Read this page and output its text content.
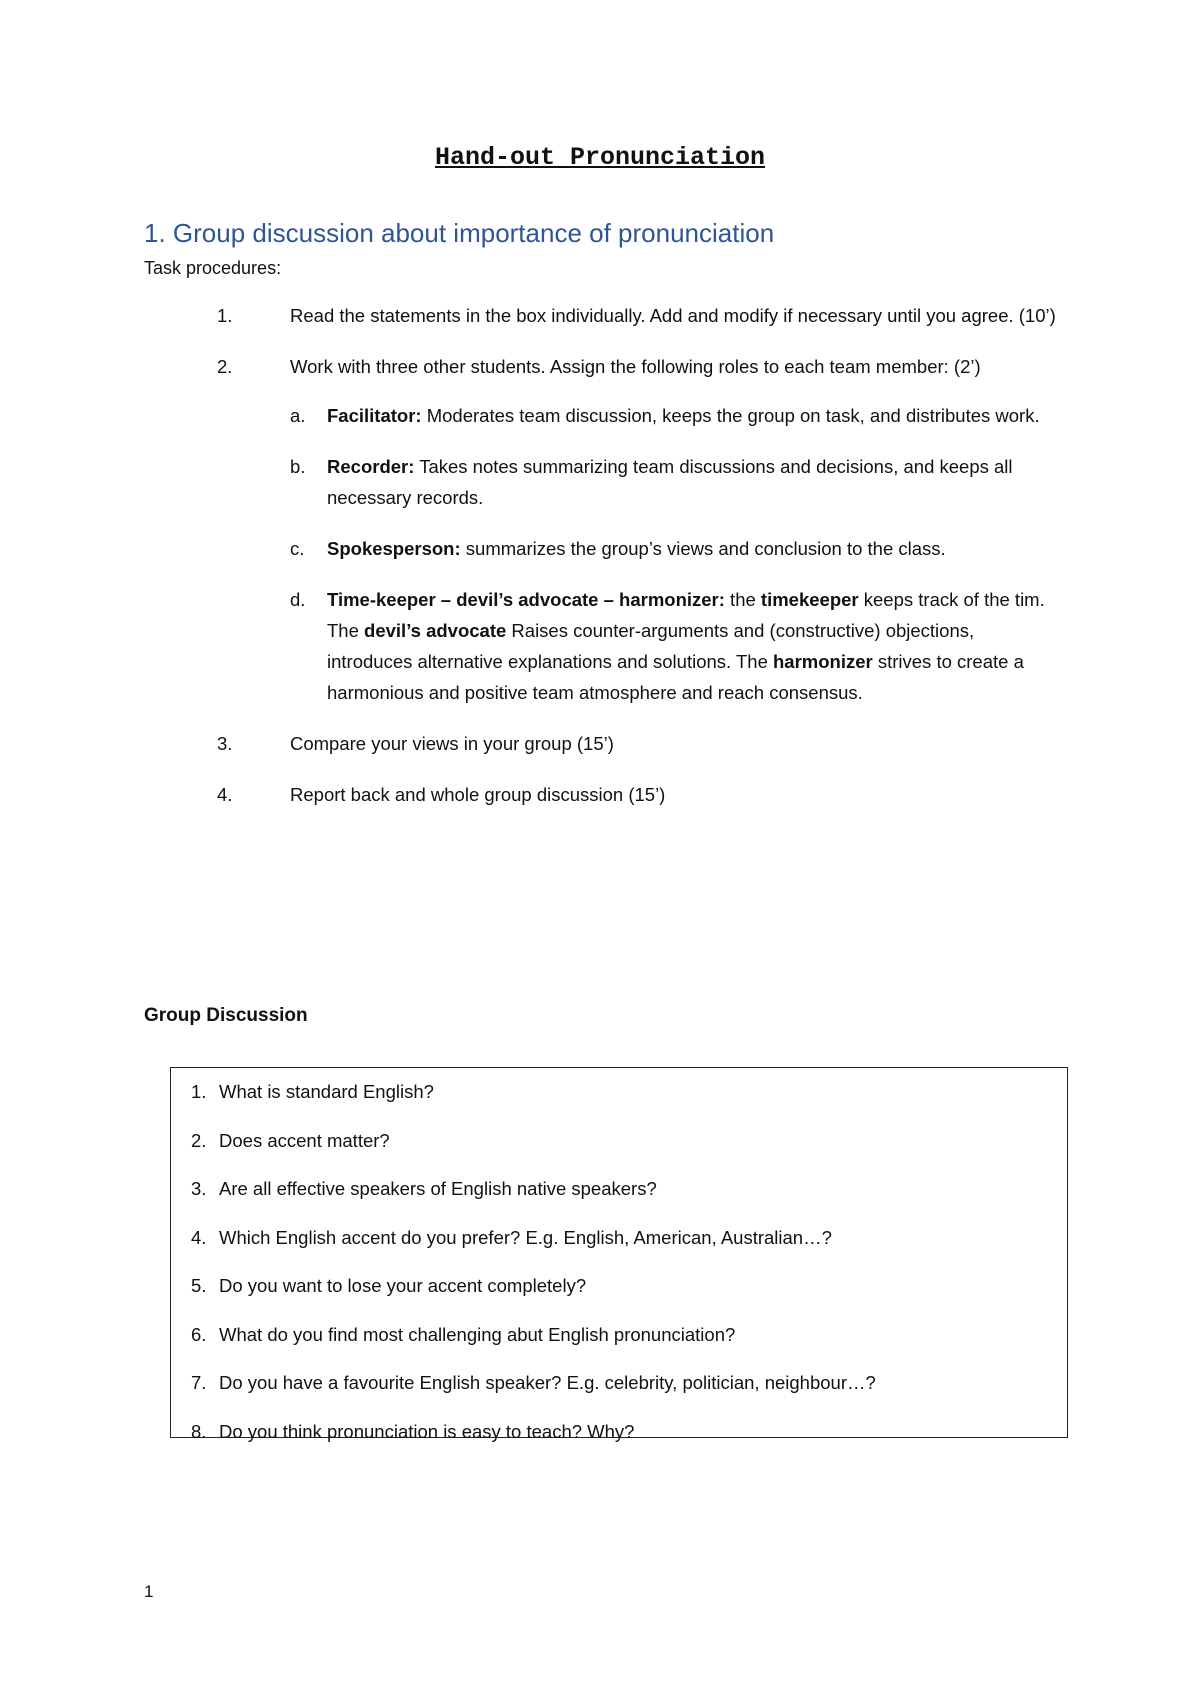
Hand-out Pronunciation
1. Group discussion about importance of pronunciation

Task procedures:

1.	Read the statements in the box individually. Add and modify if necessary until you agree. (10’)
2.	Work with three other students. Assign the following roles to each team member: (2’)
a. Facilitator: Moderates team discussion, keeps the group on task, and distributes work.
b. Recorder: Takes notes summarizing team discussions and decisions, and keeps all necessary records.
c. Spokesperson: summarizes the group’s views and conclusion to the class.
d. Time-keeper – devil’s advocate – harmonizer: the timekeeper keeps track of the tim. The devil’s advocate Raises counter-arguments and (constructive) objections, introduces alternative explanations and solutions. The harmonizer strives to create a harmonious and positive team atmosphere and reach consensus.
3.	Compare your views in your group (15’)
4.	Report back and whole group discussion (15’)
Group Discussion
1. What is standard English?
2. Does accent matter?
3. Are all effective speakers of English native speakers?
4. Which English accent do you prefer? E.g. English, American, Australian…?
5. Do you want to lose your accent completely?
6. What do you find most challenging abut English pronunciation?
7. Do you have a favourite English speaker? E.g. celebrity, politician, neighbour…?
8. Do you think pronunciation is easy to teach? Why?

1
